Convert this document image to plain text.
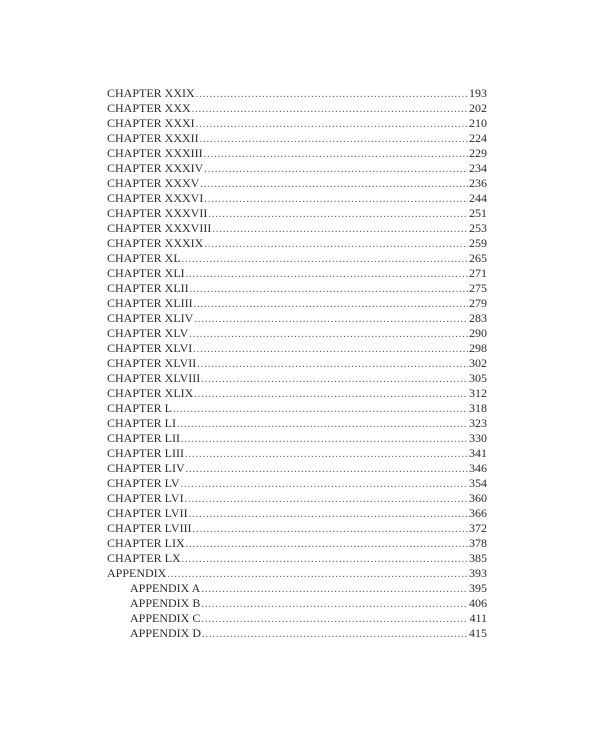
CHAPTER XXIX .....	193
CHAPTER XXX .....	202
CHAPTER XXXI .....	210
CHAPTER XXXII .....	224
CHAPTER XXXIII .....	229
CHAPTER XXXIV .....	234
CHAPTER XXXV .....	236
CHAPTER XXXVI .....	244
CHAPTER XXXVII .....	251
CHAPTER XXXVIII .....	253
CHAPTER XXXIX .....	259
CHAPTER XL .....	265
CHAPTER XLI .....	271
CHAPTER XLII .....	275
CHAPTER XLIII .....	279
CHAPTER XLIV .....	283
CHAPTER XLV .....	290
CHAPTER XLVI .....	298
CHAPTER XLVII .....	302
CHAPTER XLVIII .....	305
CHAPTER XLIX .....	312
CHAPTER L .....	318
CHAPTER LI .....	323
CHAPTER LII .....	330
CHAPTER LIII .....	341
CHAPTER LIV .....	346
CHAPTER LV .....	354
CHAPTER LVI .....	360
CHAPTER LVII .....	366
CHAPTER LVIII .....	372
CHAPTER LIX .....	378
CHAPTER LX .....	385
APPENDIX .....	393
APPENDIX A .....	395
APPENDIX B .....	406
APPENDIX C .....	411
APPENDIX D .....	415
